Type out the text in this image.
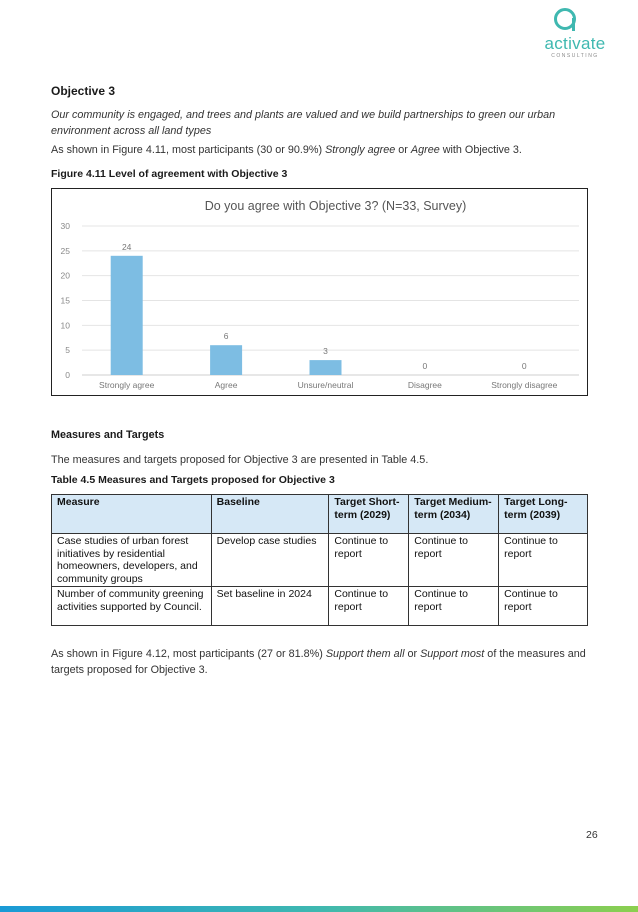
activate
CONSULTING
Objective 3
Our community is engaged, and trees and plants are valued and we build partnerships to green our urban environment across all land types
As shown in Figure 4.11, most participants (30 or 90.9%) Strongly agree or Agree with Objective 3.
Figure 4.11 Level of agreement with Objective 3
Do you agree with Objective 3? (N=33, Survey)
0
5
10
15
20
25
30
24
Strongly agree
6
Agree
3
Unsure/neutral
0
Disagree
0
Strongly disagree
Measures and Targets
The measures and targets proposed for Objective 3 are presented in Table 4.5.
Table 4.5 Measures and Targets proposed for Objective 3
Measure	Baseline	Target Short-term (2029)	Target Medium-term (2034)	Target Long-term (2039)
Case studies of urban forest initiatives by residential homeowners, developers, and community groups	Develop case studies	Continue to report	Continue to report	Continue to report
Number of community greening activities supported by Council.	Set baseline in 2024	Continue to report	Continue to report	Continue to report
As shown in Figure 4.12, most participants (27 or 81.8%) Support them all or Support most of the measures and targets proposed for Objective 3.
26
